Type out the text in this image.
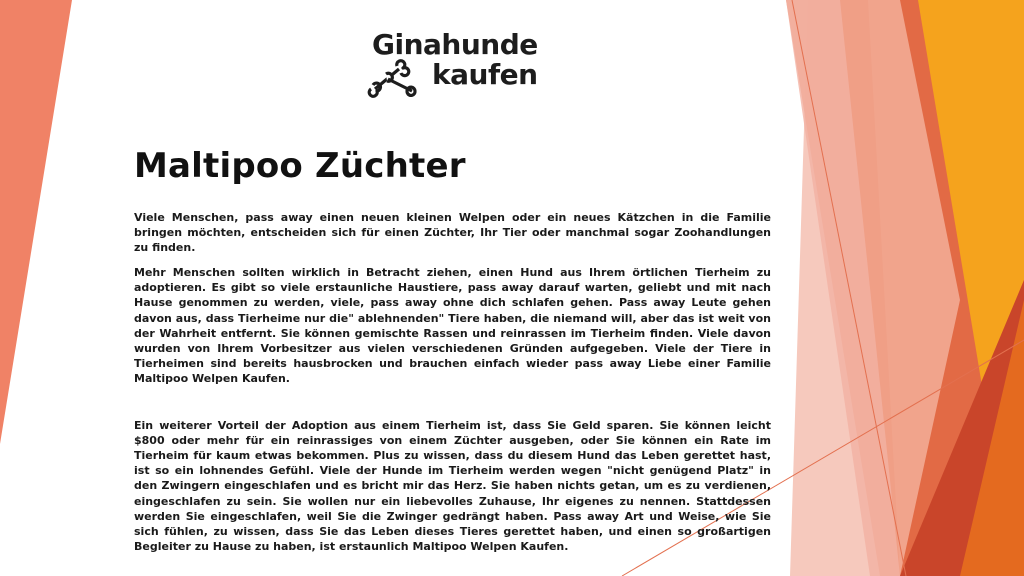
Ginahunde
kaufen
Maltipoo Züchter

Viele Menschen, pass away einen neuen kleinen Welpen oder ein neues Kätzchen in die Familie bringen möchten, entscheiden sich für einen Züchter, Ihr Tier oder manchmal sogar Zoohandlungen zu finden.

Mehr Menschen sollten wirklich in Betracht ziehen, einen Hund aus Ihrem örtlichen Tierheim zu adoptieren. Es gibt so viele erstaunliche Haustiere, pass away darauf warten, geliebt und mit nach Hause genommen zu werden, viele, pass away ohne dich schlafen gehen. Pass away Leute gehen davon aus, dass Tierheime nur die" ablehnenden" Tiere haben, die niemand will, aber das ist weit von der Wahrheit entfernt. Sie können gemischte Rassen und reinrassen im Tierheim finden. Viele davon wurden von Ihrem Vorbesitzer aus vielen verschiedenen Gründen aufgegeben. Viele der Tiere in Tierheimen sind bereits hausbrocken und brauchen einfach wieder pass away Liebe einer Familie Maltipoo Welpen Kaufen.

Ein weiterer Vorteil der Adoption aus einem Tierheim ist, dass Sie Geld sparen. Sie können leicht $800 oder mehr für ein reinrassiges von einem Züchter ausgeben, oder Sie können ein Rate im Tierheim für kaum etwas bekommen. Plus zu wissen, dass du diesem Hund das Leben gerettet hast, ist so ein lohnendes Gefühl. Viele der Hunde im Tierheim werden wegen "nicht genügend Platz" in den Zwingern eingeschlafen und es bricht mir das Herz. Sie haben nichts getan, um es zu verdienen, eingeschlafen zu sein. Sie wollen nur ein liebevolles Zuhause, Ihr eigenes zu nennen. Stattdessen werden Sie eingeschlafen, weil Sie die Zwinger gedrängt haben. Pass away Art und Weise, wie Sie sich fühlen, zu wissen, dass Sie das Leben dieses Tieres gerettet haben, und einen so großartigen Begleiter zu Hause zu haben, ist erstaunlich Maltipoo Welpen Kaufen.
